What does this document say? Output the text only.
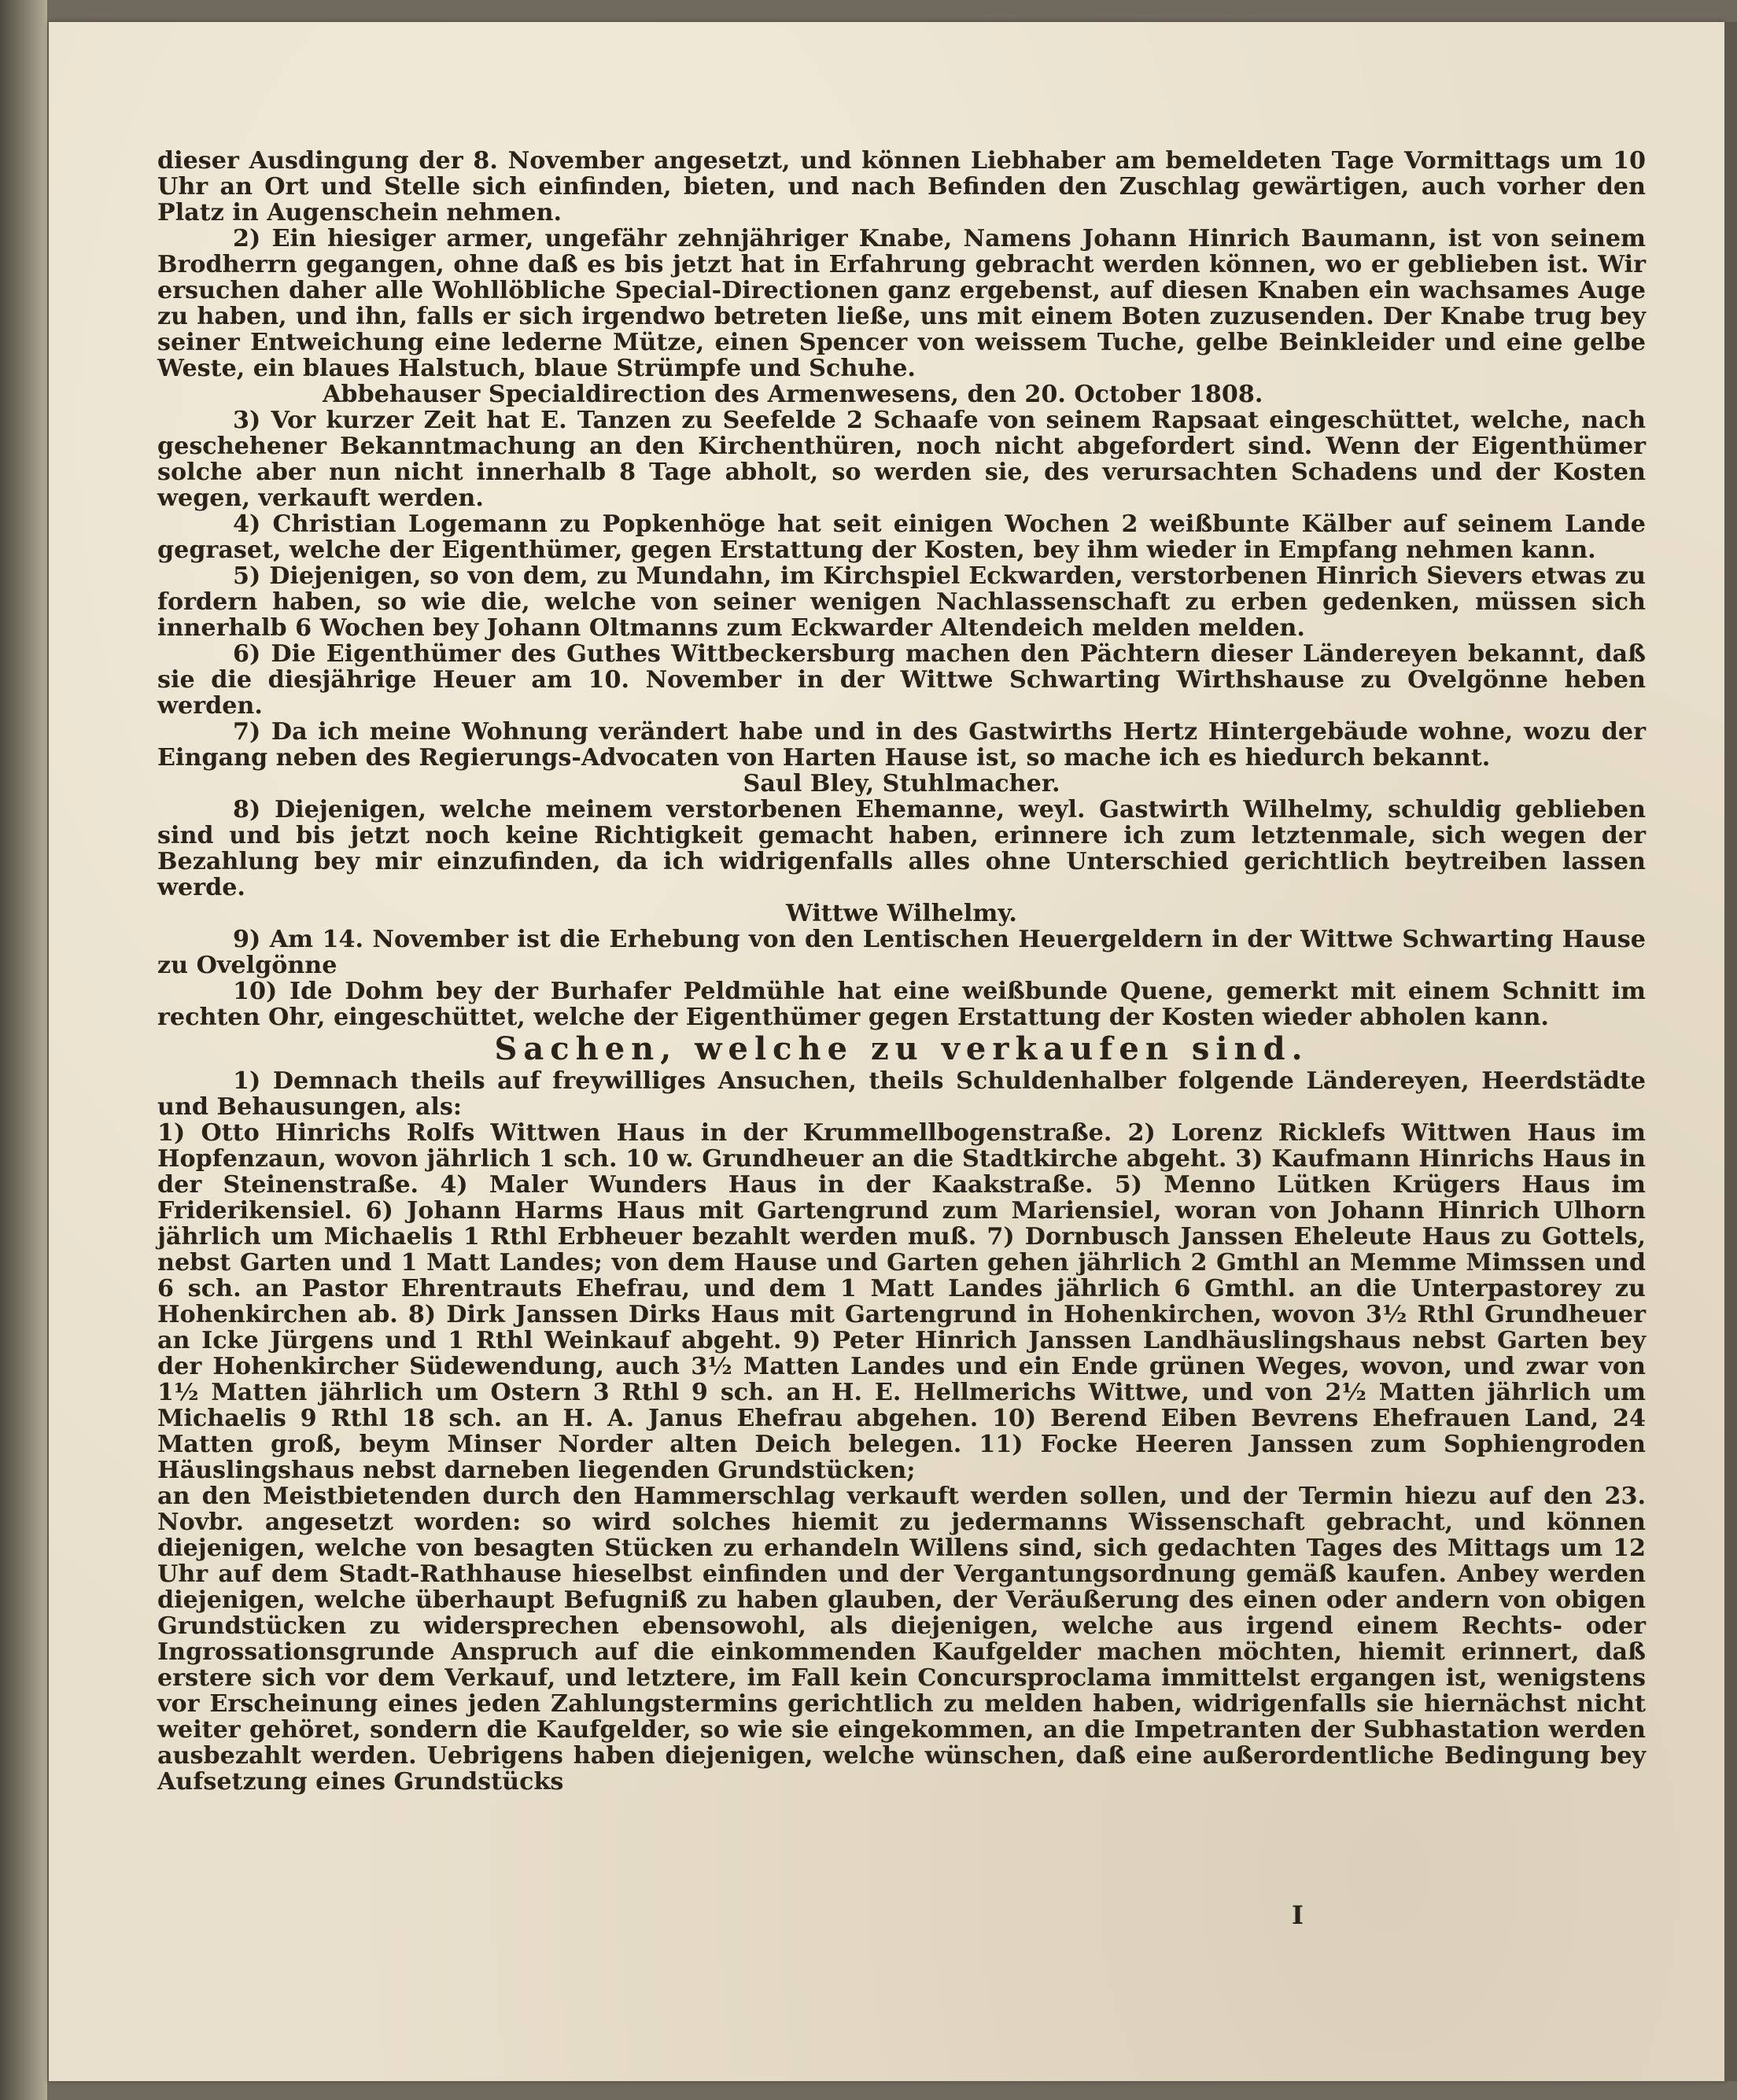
dieser Ausdingung der 8. November angesetzt, und können Liebhaber am bemeldeten Tage Vormittags um 10 Uhr an Ort und Stelle sich einfinden, bieten, und nach Befinden den Zuschlag gewärtigen, auch vorher den Platz in Augenschein nehmen.

2) Ein hiesiger armer, ungefähr zehnjähriger Knabe, Namens Johann Hinrich Baumann, ist von seinem Brodherrn gegangen, ohne daß es bis jetzt hat in Erfahrung gebracht werden können, wo er geblieben ist. Wir ersuchen daher alle Wohllöbliche Special-Directionen ganz ergebenst, auf diesen Knaben ein wachsames Auge zu haben, und ihn, falls er sich irgendwo betreten ließe, uns mit einem Boten zuzusenden. Der Knabe trug bey seiner Entweichung eine lederne Mütze, einen Spencer von weissem Tuche, gelbe Beinkleider und eine gelbe Weste, ein blaues Halstuch, blaue Strümpfe und Schuhe.

Abbehauser Specialdirection des Armenwesens, den 20. October 1808.

3) Vor kurzer Zeit hat E. Tanzen zu Seefelde 2 Schaafe von seinem Rapsaat eingeschüttet, welche, nach geschehener Bekanntmachung an den Kirchenthüren, noch nicht abgefordert sind. Wenn der Eigenthümer solche aber nun nicht innerhalb 8 Tage abholt, so werden sie, des verursachten Schadens und der Kosten wegen, verkauft werden.

4) Christian Logemann zu Popkenhöge hat seit einigen Wochen 2 weißbunte Kälber auf seinem Lande gegraset, welche der Eigenthümer, gegen Erstattung der Kosten, bey ihm wieder in Empfang nehmen kann.

5) Diejenigen, so von dem, zu Mundahn, im Kirchspiel Eckwarden, verstorbenen Hinrich Sievers etwas zu fordern haben, so wie die, welche von seiner wenigen Nachlassenschaft zu erben gedenken, müssen sich innerhalb 6 Wochen bey Johann Oltmanns zum Eckwarder Altendeich melden melden.

6) Die Eigenthümer des Guthes Wittbeckersburg machen den Pächtern dieser Ländereyen bekannt, daß sie die diesjährige Heuer am 10. November in der Wittwe Schwarting Wirthshause zu Ovelgönne heben werden.

7) Da ich meine Wohnung verändert habe und in des Gastwirths Hertz Hintergebäude wohne, wozu der Eingang neben des Regierungs-Advocaten von Harten Hause ist, so mache ich es hiedurch bekannt.

Saul Bley, Stuhlmacher.

8) Diejenigen, welche meinem verstorbenen Ehemanne, weyl. Gastwirth Wilhelmy, schuldig geblieben sind und bis jetzt noch keine Richtigkeit gemacht haben, erinnere ich zum letztenmale, sich wegen der Bezahlung bey mir einzufinden, da ich widrigenfalls alles ohne Unterschied gerichtlich beytreiben lassen werde.

Wittwe Wilhelmy.

9) Am 14. November ist die Erhebung von den Lentischen Heuergeldern in der Wittwe Schwarting Hause zu Ovelgönne

10) Ide Dohm bey der Burhafer Peldmühle hat eine weißbunde Quene, gemerkt mit einem Schnitt im rechten Ohr, eingeschüttet, welche der Eigenthümer gegen Erstattung der Kosten wieder abholen kann.

Sachen, welche zu verkaufen sind.

1) Demnach theils auf freywilliges Ansuchen, theils Schuldenhalber folgende Ländereyen, Heerdstädte und Behausungen, als:

1) Otto Hinrichs Rolfs Wittwen Haus in der Krummellbogenstraße. 2) Lorenz Ricklefs Wittwen Haus im Hopfenzaun, wovon jährlich 1 sch. 10 w. Grundheuer an die Stadtkirche abgeht. 3) Kaufmann Hinrichs Haus in der Steinenstraße. 4) Maler Wunders Haus in der Kaakstraße. 5) Menno Lütken Krügers Haus im Friderikensiel. 6) Johann Harms Haus mit Gartengrund zum Mariensiel, woran von Johann Hinrich Ulhorn jährlich um Michaelis 1 Rthl Erbheuer bezahlt werden muß. 7) Dornbusch Janssen Eheleute Haus zu Gottels, nebst Garten und 1 Matt Landes; von dem Hause und Garten gehen jährlich 2 Gmthl an Memme Mimssen und 6 sch. an Pastor Ehrentrauts Ehefrau, und dem 1 Matt Landes jährlich 6 Gmthl. an die Unterpastorey zu Hohenkirchen ab. 8) Dirk Janssen Dirks Haus mit Gartengrund in Hohenkirchen, wovon 3½ Rthl Grundheuer an Icke Jürgens und 1 Rthl Weinkauf abgeht. 9) Peter Hinrich Janssen Landhäuslingshaus nebst Garten bey der Hohenkircher Südewendung, auch 3½ Matten Landes und ein Ende grünen Weges, wovon, und zwar von 1½ Matten jährlich um Ostern 3 Rthl 9 sch. an H. E. Hellmerichs Wittwe, und von 2½ Matten jährlich um Michaelis 9 Rthl 18 sch. an H. A. Janus Ehefrau abgehen. 10) Berend Eiben Bevrens Ehefrauen Land, 24 Matten groß, beym Minser Norder alten Deich belegen. 11) Focke Heeren Janssen zum Sophiengroden Häuslingshaus nebst darneben liegenden Grundstücken;

an den Meistbietenden durch den Hammerschlag verkauft werden sollen, und der Termin hiezu auf den 23. Novbr. angesetzt worden: so wird solches hiemit zu jedermanns Wissenschaft gebracht, und können diejenigen, welche von besagten Stücken zu erhandeln Willens sind, sich gedachten Tages des Mittags um 12 Uhr auf dem Stadt-Rathhause hieselbst einfinden und der Vergantungsordnung gemäß kaufen. Anbey werden diejenigen, welche überhaupt Befugniß zu haben glauben, der Veräußerung des einen oder andern von obigen Grundstücken zu widersprechen ebensowohl, als diejenigen, welche aus irgend einem Rechts- oder Ingrossationsgrunde Anspruch auf die einkommenden Kaufgelder machen möchten, hiemit erinnert, daß erstere sich vor dem Verkauf, und letztere, im Fall kein Concursproclama immittelst ergangen ist, wenigstens vor Erscheinung eines jeden Zahlungstermins gerichtlich zu melden haben, widrigenfalls sie hiernächst nicht weiter gehöret, sondern die Kaufgelder, so wie sie eingekommen, an die Impetranten der Subhastation werden ausbezahlt werden. Uebrigens haben diejenigen, welche wünschen, daß eine außerordentliche Bedingung bey Aufsetzung eines Grundstücks

I
